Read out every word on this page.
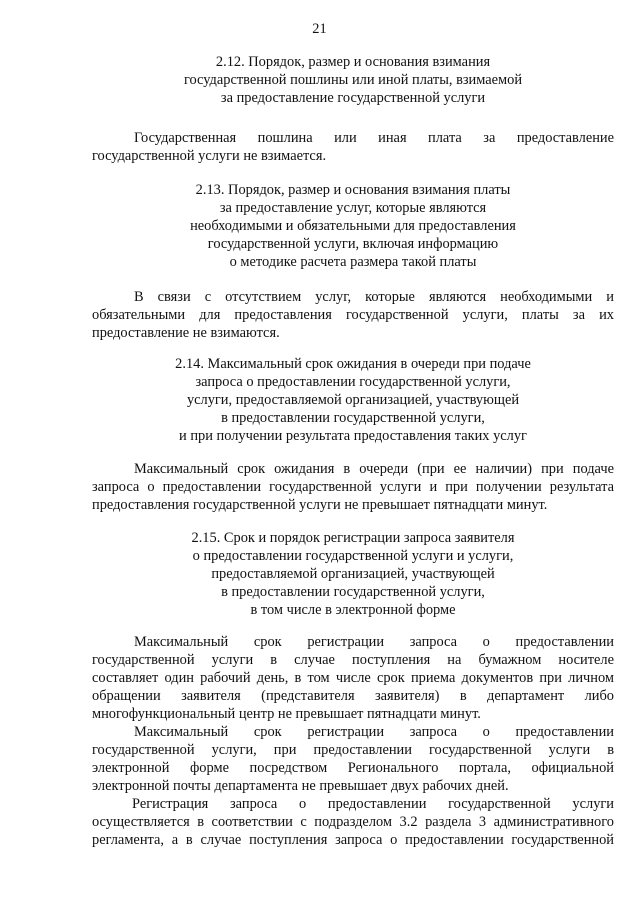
21
2.12. Порядок, размер и основания взимания
государственной пошлины или иной платы, взимаемой
за предоставление государственной услуги
Государственная пошлина или иная плата за предоставление
государственной услуги не взимается.
2.13. Порядок, размер и основания взимания платы
за предоставление услуг, которые являются
необходимыми и обязательными для предоставления
государственной услуги, включая информацию
о методике расчета размера такой платы
В связи с отсутствием услуг, которые являются необходимыми и
обязательными для предоставления государственной услуги, платы за их
предоставление не взимаются.
2.14. Максимальный срок ожидания в очереди при подаче
запроса о предоставлении государственной услуги,
услуги, предоставляемой организацией, участвующей
в предоставлении государственной услуги,
и при получении результата предоставления таких услуг
Максимальный срок ожидания в очереди (при ее наличии) при подаче
запроса о предоставлении государственной услуги и при получении результата
предоставления государственной услуги не превышает пятнадцати минут.
2.15. Срок и порядок регистрации запроса заявителя
о предоставлении государственной услуги и услуги,
предоставляемой организацией, участвующей
в предоставлении государственной услуги,
в том числе в электронной форме
Максимальный срок регистрации запроса о предоставлении
государственной услуги в случае поступления на бумажном носителе
составляет один рабочий день, в том числе срок приема документов при личном
обращении заявителя (представителя заявителя) в департамент либо
многофункциональный центр не превышает пятнадцати минут.
Максимальный срок регистрации запроса о предоставлении
государственной услуги, при предоставлении государственной услуги в
электронной форме посредством Регионального портала, официальной
электронной почты департамента не превышает двух рабочих дней.
Регистрация запроса о предоставлении государственной услуги
осуществляется в соответствии с подразделом 3.2 раздела 3 административного
регламента, а в случае поступления запроса о предоставлении государственной
